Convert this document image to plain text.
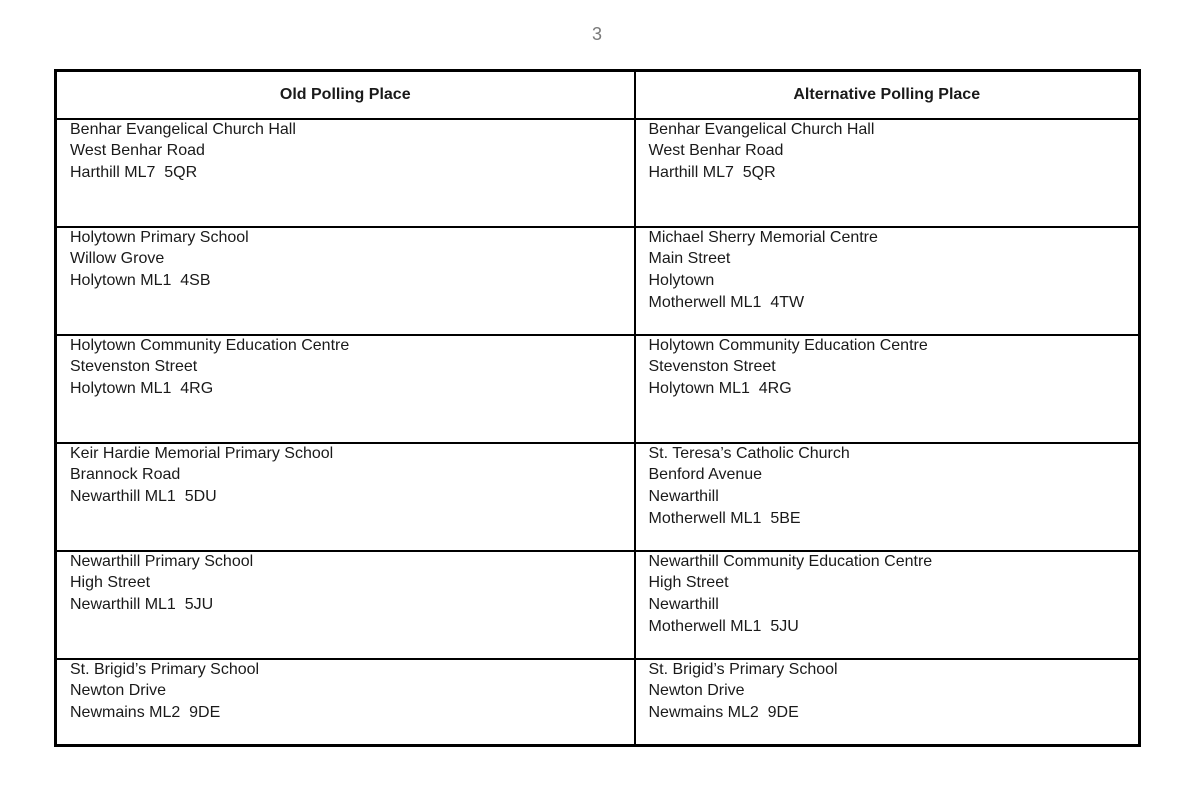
3
Old Polling Place	Alternative Polling Place

Benhar Evangelical Church Hall
West Benhar Road
Harthill ML7  5QR	Benhar Evangelical Church Hall
West Benhar Road
Harthill ML7  5QR

Holytown Primary School
Willow Grove
Holytown ML1  4SB	Michael Sherry Memorial Centre
Main Street
Holytown
Motherwell ML1  4TW

Holytown Community Education Centre
Stevenston Street
Holytown ML1  4RG	Holytown Community Education Centre
Stevenston Street
Holytown ML1  4RG

Keir Hardie Memorial Primary School
Brannock Road
Newarthill ML1  5DU	St. Teresa’s Catholic Church
Benford Avenue
Newarthill
Motherwell ML1  5BE

Newarthill Primary School
High Street
Newarthill ML1  5JU	Newarthill Community Education Centre
High Street
Newarthill
Motherwell ML1  5JU

St. Brigid’s Primary School
Newton Drive
Newmains ML2  9DE	St. Brigid’s Primary School
Newton Drive
Newmains ML2  9DE
